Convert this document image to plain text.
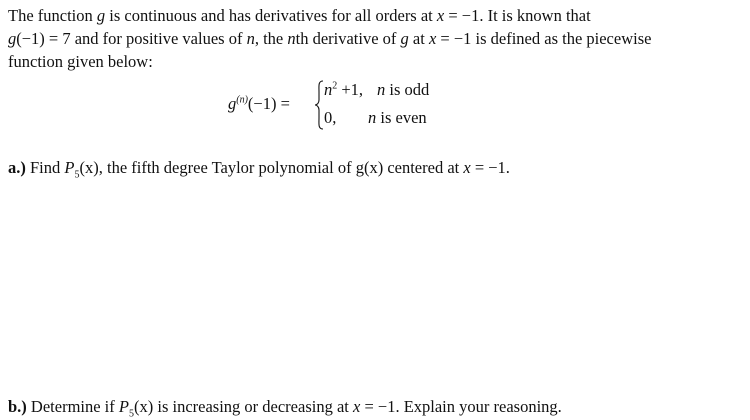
The function g is continuous and has derivatives for all orders at x = −1. It is known that
g(−1) = 7 and for positive values of n, the nth derivative of g at x = −1 is defined as the piecewise
function given below:
$g^{(n)}(-1)$ =
$n^2 +1$, n is odd
0, n is even
a.) Find $P_5(x)$, the fifth degree Taylor polynomial of g(x) centered at x = −1.
b.) Determine if $P_5(x)$ is increasing or decreasing at x = −1. Explain your reasoning.
